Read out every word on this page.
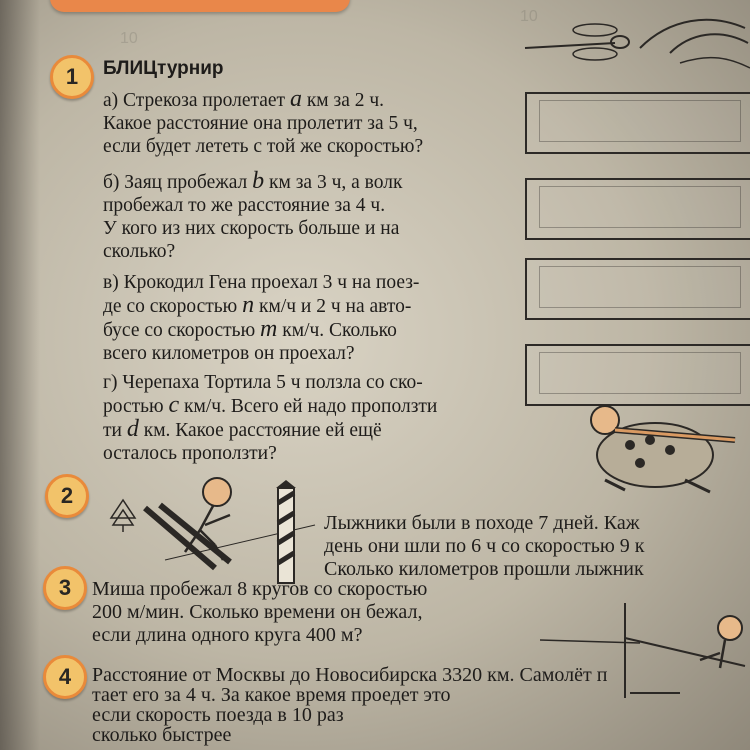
10
10
1 БЛИЦтурнир
а) Стрекоза пролетает a км за 2 ч.
Какое расстояние она пролетит за 5 ч,
если будет лететь с той же скоростью?
б) Заяц пробежал b км за 3 ч, а волк
пробежал то же расстояние за 4 ч.
У кого из них скорость больше и на
сколько?
в) Крокодил Гена проехал 3 ч на поез-
де со скоростью n км/ч и 2 ч на авто-
бусе со скоростью m км/ч. Сколько
всего километров он проехал?
г) Черепаха Тортила 5 ч ползла со ско-
ростью c км/ч. Всего ей надо проползти
ти d км. Какое расстояние ей ещё
осталось проползти?
2
Лыжники были в походе 7 дней. Каж
день они шли по 6 ч со скоростью 9 к
Сколько километров прошли лыжник
3 Миша пробежал 8 кругов со скоростью
200 м/мин. Сколько времени он бежал,
если длина одного круга 400 м?
4 Расстояние от Москвы до Новосибирска 3320 км. Самолёт п
тает его за 4 ч. За какое время проедет это
если скорость поезда в 10 раз
сколько быстрее
